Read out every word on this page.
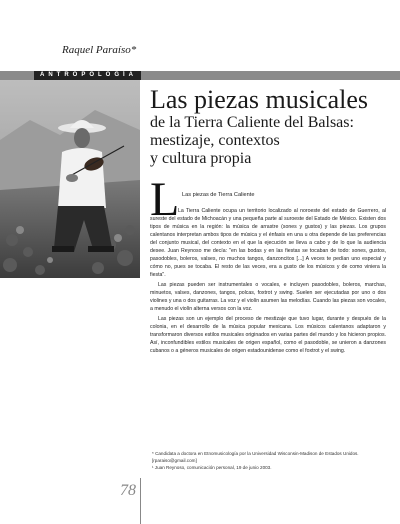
Raquel Paraíso*
ANTROPOLOGÍA
Las piezas musicales
de la Tierra Caliente del Balsas:
mestizaje, contextos
y cultura propia
L Las piezas de Tierra Caliente

La Tierra Caliente ocupa un territorio localizado al noroeste del estado de Guerrero, al sureste del estado de Michoacán y una pequeña parte al suroeste del Estado de México. Existen dos tipos de música en la región: la música de arrastre (sones y gustos) y las piezas. Los grupos calentanos interpretan ambos tipos de música y el énfasis en una u otra depende de las preferencias del conjunto musical, del contexto en el que la ejecución se lleva a cabo y de lo que la audiencia desee. Juan Reynoso me decía: "en las bodas y en las fiestas se tocaban de todo: sones, gustos, pasodobles, boleros, valses, no muchos tangos, danzoncitos [...] A veces te pedían uno especial y cómo no, pues se tocaba. El resto de las veces, era a gusto de los músicos y de como viniera la fiesta".

Las piezas pueden ser instrumentales o vocales, e incluyen pasodobles, boleros, marchas, minuetos, valses, danzones, tangos, polcas, foxtrot y swing. Suelen ser ejecutadas por uno o dos violines y una o dos guitarras. La voz y el violín asumen las melodías. Cuando las piezas son vocales, a menudo el violín alterna versos con la voz.

Las piezas son un ejemplo del proceso de mestizaje que tuvo lugar, durante y después de la colonia, en el desarrollo de la música popular mexicana. Los músicos calentanos adaptaron y transformaron diversos estilos musicales originados en varias partes del mundo y los hicieron propios. Así, inconfundibles estilos musicales de origen español, como el pasodoble, se unieron a danzones cubanos o a géneros musicales de origen estadounidense como el foxtrot y el swing.

* Candidata a doctora en Etnomusicología por la Universidad Wisconsin-Madison de Estados Unidos. [rparaiso@gmail.com]

¹ Juan Reynoso, comunicación personal, 19 de junio 2003.

78
